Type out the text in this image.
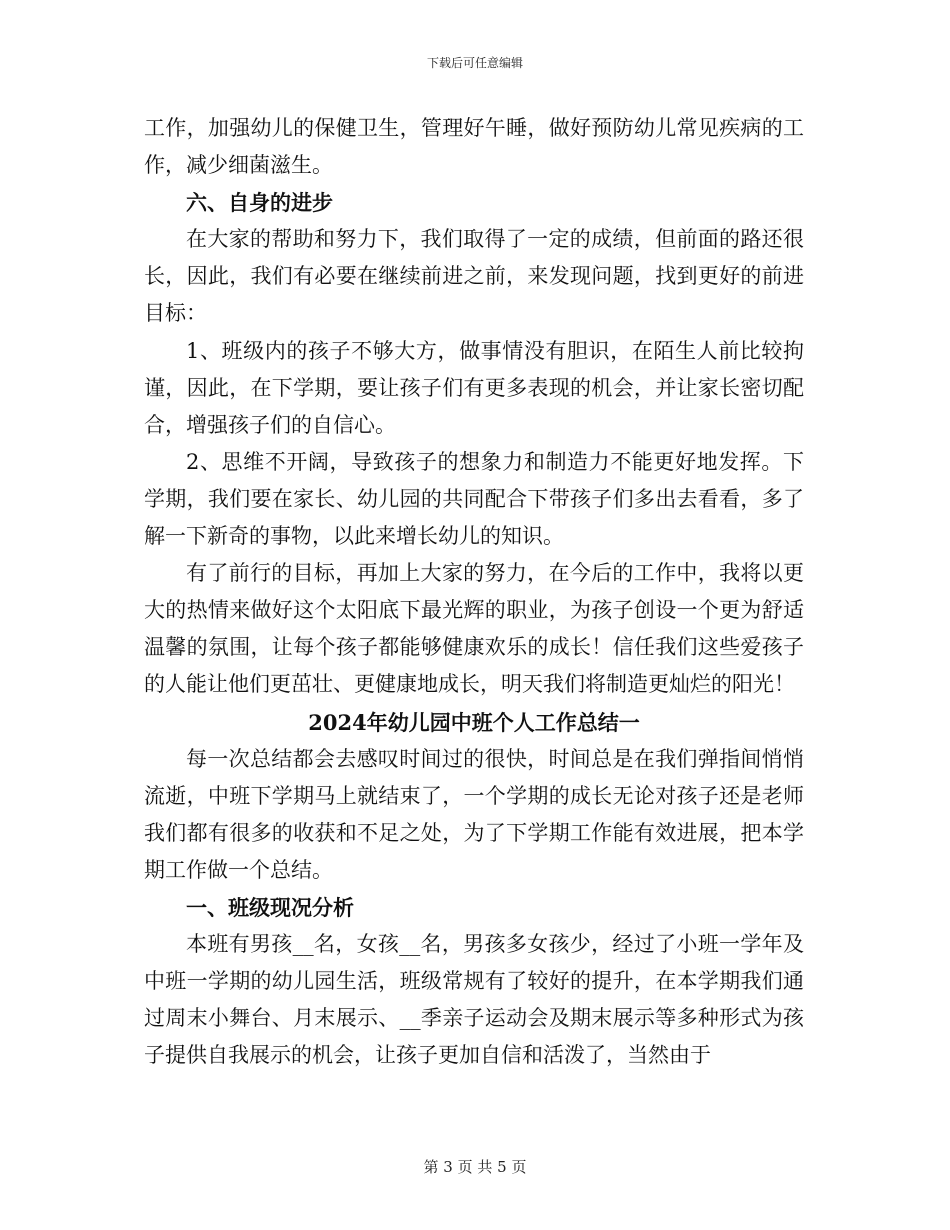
下载后可任意编辑

工作，加强幼儿的保健卫生，管理好午睡，做好预防幼儿常见疾病的工作，减少细菌滋生。

六、自身的进步

在大家的帮助和努力下，我们取得了一定的成绩，但前面的路还很长，因此，我们有必要在继续前进之前，来发现问题，找到更好的前进目标：

1、班级内的孩子不够大方，做事情没有胆识，在陌生人前比较拘谨，因此，在下学期，要让孩子们有更多表现的机会，并让家长密切配合，增强孩子们的自信心。

2、思维不开阔，导致孩子的想象力和制造力不能更好地发挥。下学期，我们要在家长、幼儿园的共同配合下带孩子们多出去看看，多了解一下新奇的事物，以此来增长幼儿的知识。

有了前行的目标，再加上大家的努力，在今后的工作中，我将以更大的热情来做好这个太阳底下最光辉的职业，为孩子创设一个更为舒适温馨的氛围，让每个孩子都能够健康欢乐的成长！信任我们这些爱孩子的人能让他们更茁壮、更健康地成长，明天我们将制造更灿烂的阳光！

2024年幼儿园中班个人工作总结一

每一次总结都会去感叹时间过的很快，时间总是在我们弹指间悄悄流逝，中班下学期马上就结束了，一个学期的成长无论对孩子还是老师我们都有很多的收获和不足之处，为了下学期工作能有效进展，把本学期工作做一个总结。

一、班级现况分析

本班有男孩__名，女孩__名，男孩多女孩少，经过了小班一学年及中班一学期的幼儿园生活，班级常规有了较好的提升，在本学期我们通过周末小舞台、月末展示、__季亲子运动会及期末展示等多种形式为孩子提供自我展示的机会，让孩子更加自信和活泼了，当然由于

第 3 页 共 5 页
